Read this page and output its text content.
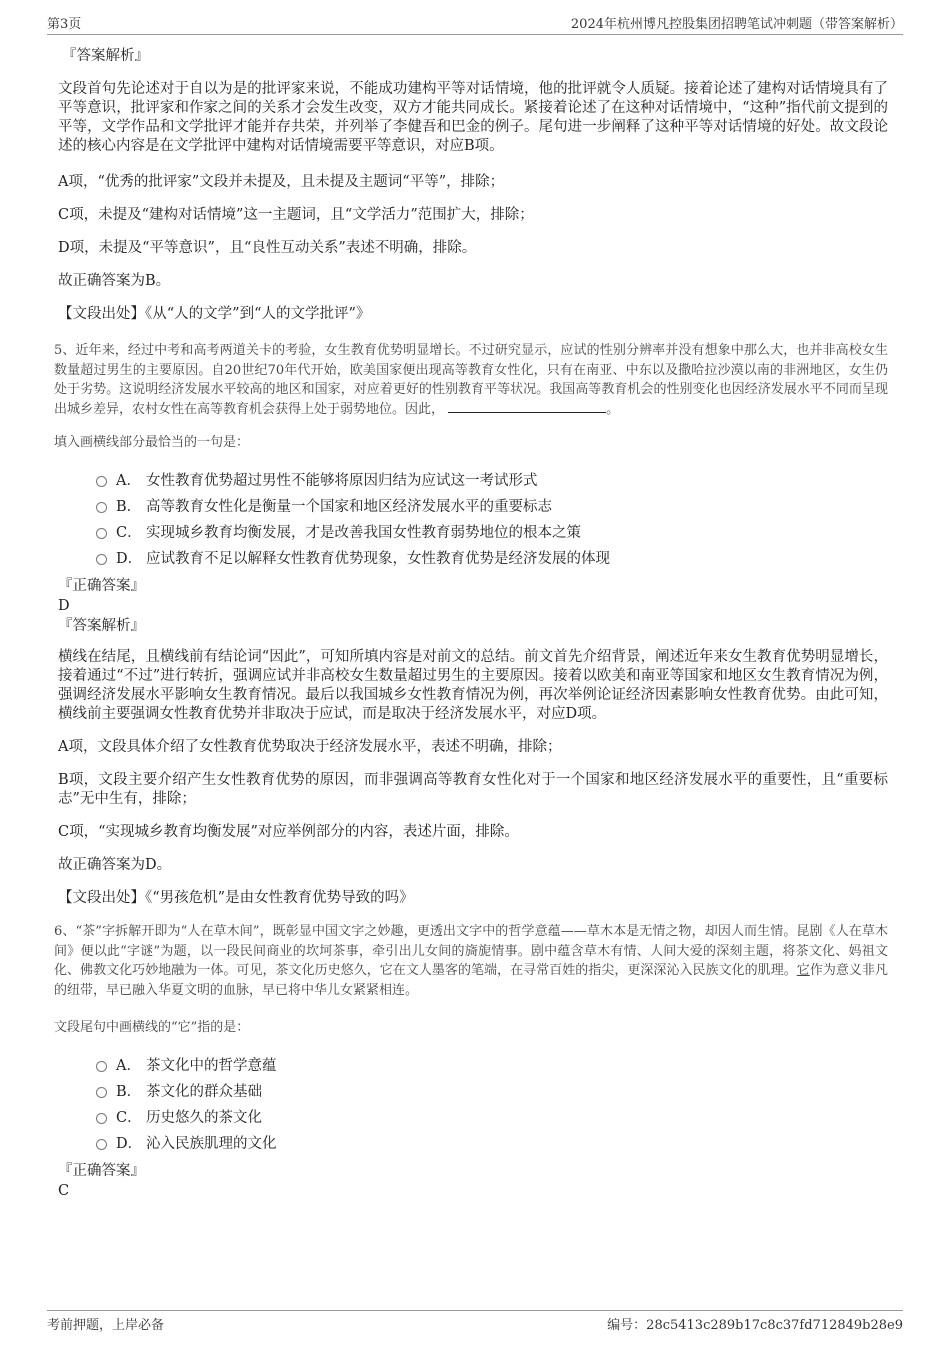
第3页	2024年杭州博凡控股集团招聘笔试冲刺题（带答案解析）

『答案解析』

文段首句先论述对于自以为是的批评家来说，不能成功建构平等对话情境，他的批评就令人质疑。接着论述了建构对话情境具有了平等意识，批评家和作家之间的关系才会发生改变，双方才能共同成长。紧接着论述了在这种对话情境中，“这种”指代前文提到的平等，文学作品和文学批评才能并存共荣，并列举了李健吾和巴金的例子。尾句进一步阐释了这种平等对话情境的好处。故文段论述的核心内容是在文学批评中建构对话情境需要平等意识，对应B项。

A项，“优秀的批评家”文段并未提及，且未提及主题词“平等”，排除；

C项，未提及“建构对话情境”这一主题词，且“文学活力”范围扩大，排除；

D项，未提及“平等意识”，且“良性互动关系”表述不明确，排除。

故正确答案为B。

【文段出处】《从“人的文学”到“人的文学批评”》

5、近年来，经过中考和高考两道关卡的考验，女生教育优势明显增长。不过研究显示，应试的性别分辨率并没有想象中那么大，也并非高校女生数量超过男生的主要原因。自20世纪70年代开始，欧美国家便出现高等教育女性化，只有在南亚、中东以及撒哈拉沙漠以南的非洲地区，女生仍处于劣势。这说明经济发展水平较高的地区和国家，对应着更好的性别教育平等状况。我国高等教育机会的性别变化也因经济发展水平不同而呈现出城乡差异，农村女性在高等教育机会获得上处于弱势地位。因此，	。

填入画横线部分最恰当的一句是：

A． 女性教育优势超过男性不能够将原因归结为应试这一考试形式
B． 高等教育女性化是衡量一个国家和地区经济发展水平的重要标志
C． 实现城乡教育均衡发展，才是改善我国女性教育弱势地位的根本之策
D． 应试教育不足以解释女性教育优势现象，女性教育优势是经济发展的体现

『正确答案』

D

『答案解析』

横线在结尾，且横线前有结论词“因此”，可知所填内容是对前文的总结。前文首先介绍背景，阐述近年来女生教育优势明显增长，接着通过“不过”进行转折，强调应试并非高校女生数量超过男生的主要原因。接着以欧美和南亚等国家和地区女生教育情况为例，强调经济发展水平影响女生教育情况。最后以我国城乡女性教育情况为例，再次举例论证经济因素影响女性教育优势。由此可知，横线前主要强调女性教育优势并非取决于应试，而是取决于经济发展水平，对应D项。

A项，文段具体介绍了女性教育优势取决于经济发展水平，表述不明确，排除；

B项，文段主要介绍产生女性教育优势的原因，而非强调高等教育女性化对于一个国家和地区经济发展水平的重要性，且“重要标志”无中生有，排除；

C项，“实现城乡教育均衡发展”对应举例部分的内容，表述片面，排除。

故正确答案为D。

【文段出处】《“男孩危机”是由女性教育优势导致的吗》

6、“茶”字拆解开即为“人在草木间”，既彰显中国文字之妙趣，更透出文字中的哲学意蕴——草木本是无情之物，却因人而生情。昆剧《人在草木间》便以此“字谜”为题，以一段民间商业的坎坷茶事，牵引出儿女间的旖旎情事。剧中蕴含草木有情、人间大爱的深刻主题，将茶文化、妈祖文化、佛教文化巧妙地融为一体。可见，茶文化历史悠久，它在文人墨客的笔端，在寻常百姓的指尖，更深深沁入民族文化的肌理。它作为意义非凡的纽带，早已融入华夏文明的血脉，早已将中华儿女紧紧相连。

文段尾句中画横线的“它”指的是：

A． 茶文化中的哲学意蕴
B． 茶文化的群众基础
C． 历史悠久的茶文化
D． 沁入民族肌理的文化

『正确答案』

C

考前押题，上岸必备	编号：28c5413c289b17c8c37fd712849b28e9
